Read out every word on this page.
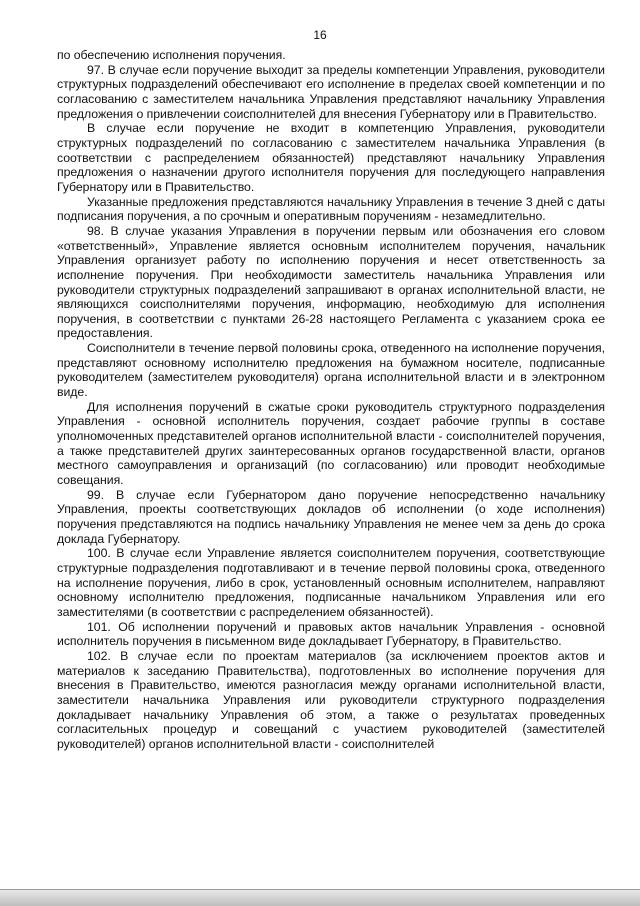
16

по обеспечению исполнения поручения.

97. В случае если поручение выходит за пределы компетенции Управления, руководители структурных подразделений обеспечивают его исполнение в пределах своей компетенции и по согласованию с заместителем начальника Управления представляют начальнику Управления предложения о привлечении соисполнителей для внесения Губернатору или в Правительство.

В случае если поручение не входит в компетенцию Управления, руководители структурных подразделений по согласованию с заместителем начальника Управления (в соответствии с распределением обязанностей) представляют начальнику Управления предложения о назначении другого исполнителя поручения для последующего направления Губернатору или в Правительство.

Указанные предложения представляются начальнику Управления в течение 3 дней с даты подписания поручения, а по срочным и оперативным поручениям - незамедлительно.

98. В случае указания Управления в поручении первым или обозначения его словом «ответственный», Управление является основным исполнителем поручения, начальник Управления организует работу по исполнению поручения и несет ответственность за исполнение поручения. При необходимости заместитель начальника Управления или руководители структурных подразделений запрашивают в органах исполнительной власти, не являющихся соисполнителями поручения, информацию, необходимую для исполнения поручения, в соответствии с пунктами 26-28 настоящего Регламента с указанием срока ее предоставления.

Соисполнители в течение первой половины срока, отведенного на исполнение поручения, представляют основному исполнителю предложения на бумажном носителе, подписанные руководителем (заместителем руководителя) органа исполнительной власти и в электронном виде.

Для исполнения поручений в сжатые сроки руководитель структурного подразделения Управления - основной исполнитель поручения, создает рабочие группы в составе уполномоченных представителей органов исполнительной власти - соисполнителей поручения, а также представителей других заинтересованных органов государственной власти, органов местного самоуправления и организаций (по согласованию) или проводит необходимые совещания.

99. В случае если Губернатором дано поручение непосредственно начальнику Управления, проекты соответствующих докладов об исполнении (о ходе исполнения) поручения представляются на подпись начальнику Управления не менее чем за день до срока доклада Губернатору.

100. В случае если Управление является соисполнителем поручения, соответствующие структурные подразделения подготавливают и в течение первой половины срока, отведенного на исполнение поручения, либо в срок, установленный основным исполнителем, направляют основному исполнителю предложения, подписанные начальником Управления или его заместителями (в соответствии с распределением обязанностей).

101. Об исполнении поручений и правовых актов начальник Управления - основной исполнитель поручения в письменном виде докладывает Губернатору, в Правительство.

102. В случае если по проектам материалов (за исключением проектов актов и материалов к заседанию Правительства), подготовленных во исполнение поручения для внесения в Правительство, имеются разногласия между органами исполнительной власти, заместители начальника Управления или руководители структурного подразделения докладывает начальнику Управления об этом, а также о результатах проведенных согласительных процедур и совещаний с участием руководителей (заместителей руководителей) органов исполнительной власти - соисполнителей
